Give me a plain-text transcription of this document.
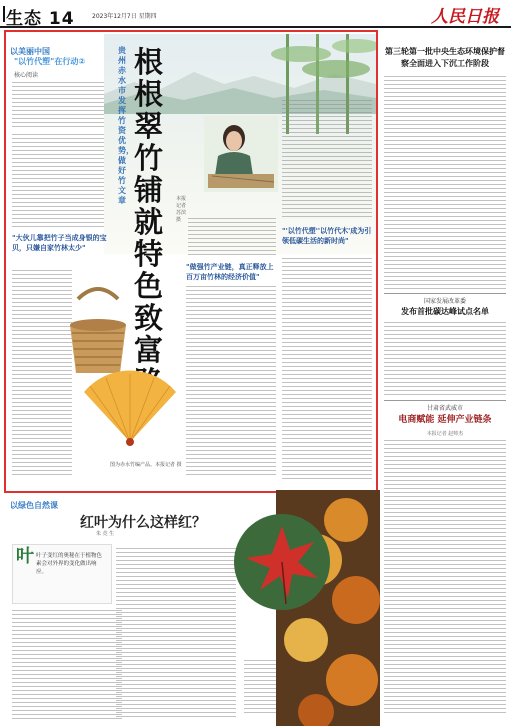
生态 14	2023年12月7日 星期四	人民日报
贵州赤水市发挥竹资优势，做好竹文章
根根翠竹铺就特色致富
本报记者 苏滨 摄
以美丽中国
"以竹代塑"在行动②
核心阅读
"大伙儿靠把竹子当成身银的宝贝，只嫌自家竹林太少"
图为赤水竹编产品。本报记者 摄
"做强竹产业链，真正释放上百万亩竹林的经济价值"
"'以竹代塑''以竹代木'成为引领低碳生活的新时尚"
第三轮第一批中央生态环境保护督察全面进入下沉工作阶段
国家发展改革委
发布首批碳达峰试点名单
甘肃省武威市
电商赋能 延伸产业链条
本报记者 赵帅杰
以绿色自然课
红叶为什么这样红？
朱 竞 生
叶 叶子变红的奥秘在于植物色素会对外界的变化做出响应。
